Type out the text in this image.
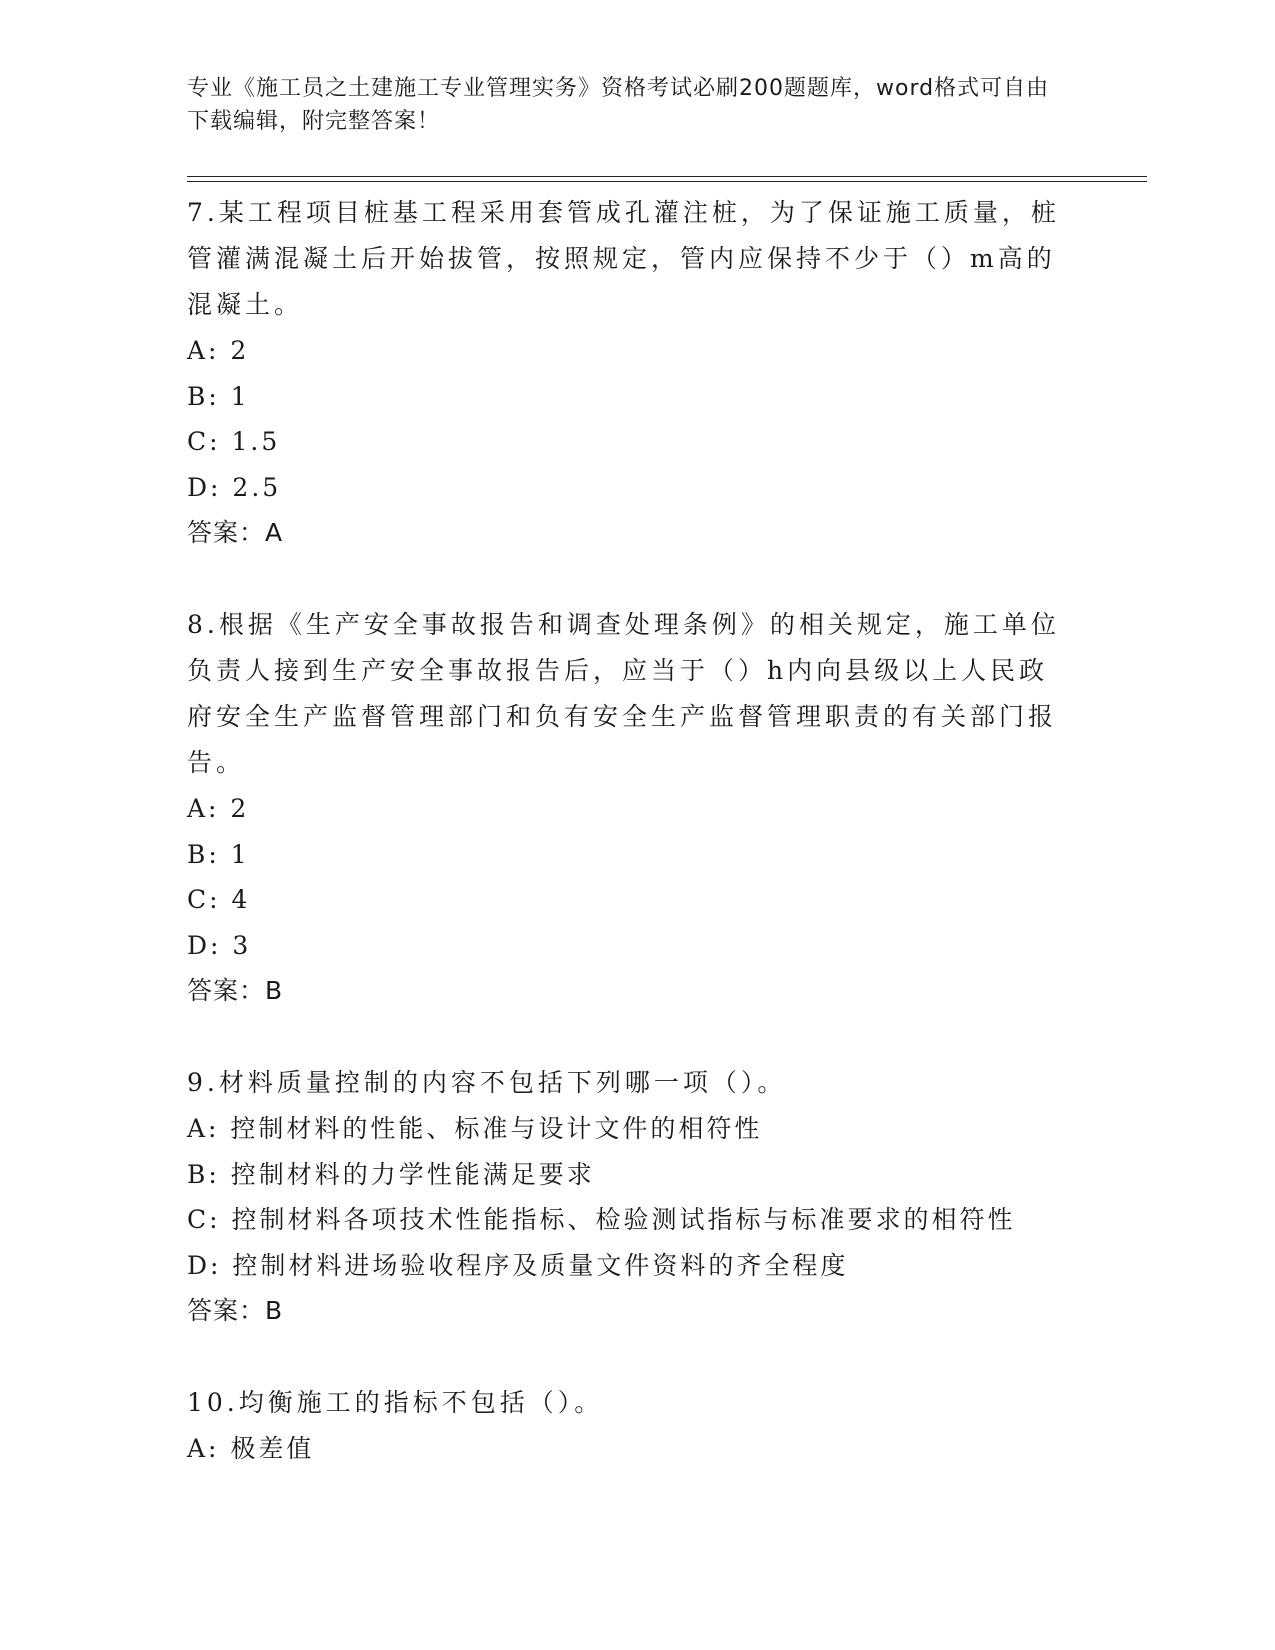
专业《施工员之土建施工专业管理实务》资格考试必刷200题题库，word格式可自由下载编辑，附完整答案！
7.某工程项目桩基工程采用套管成孔灌注桩，为了保证施工质量，桩管灌满混凝土后开始拔管，按照规定，管内应保持不少于（）m高的混凝土。
A: 2
B: 1
C: 1.5
D: 2.5
答案：A
8.根据《生产安全事故报告和调查处理条例》的相关规定，施工单位负责人接到生产安全事故报告后，应当于（）h内向县级以上人民政府安全生产监督管理部门和负有安全生产监督管理职责的有关部门报告。
A: 2
B: 1
C: 4
D: 3
答案：B
9.材料质量控制的内容不包括下列哪一项（）。
A: 控制材料的性能、标准与设计文件的相符性
B: 控制材料的力学性能满足要求
C: 控制材料各项技术性能指标、检验测试指标与标准要求的相符性
D: 控制材料进场验收程序及质量文件资料的齐全程度
答案：B
10.均衡施工的指标不包括（）。
A: 极差值
